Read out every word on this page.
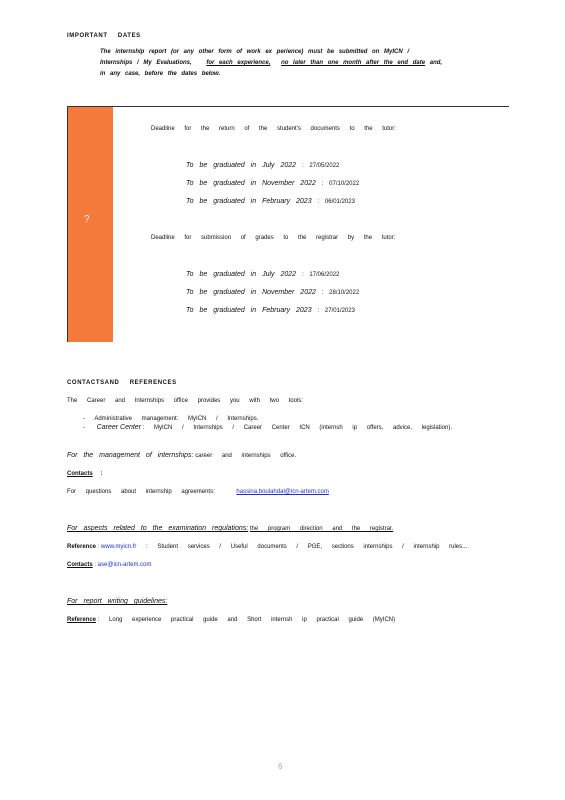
IMPORTANT DATES
The internship report (or any other form of work ex perience) must be submitted on MyICN /
Internships / My Evaluations, for each experience, no later than one month after the end date and,
in any case, before the dates below.
?
Deadline for the return of the student's documents to the tutor:
To be graduated in July 2022 : 27/05/2022
To be graduated in November 2022 : 07/10/2022
To be graduated in February 2023 : 06/01/2023
Deadline for submission of grades to the registrar by the tutor:
To be graduated in July 2022 : 17/06/2022
To be graduated in November 2022 : 28/10/2022
To be graduated in February 2023 : 27/01/2023
CONTACTSAND REFERENCES
The Career and Internships office provides you with two tools:
- Administrative management: MyICN / Internships.
- Career Center : MyICN / Internships / Career Center ICN (internsh ip offers, advice, legislation).
For the management of internships: career and internships office.
Contacts :
For questions about internship agreements:	hassina.boulahdal@icn-artem.com
For aspects related to the examination regulations: the program direction and the registrar.
Reference : www.myicn.fr : Student services / Useful documents / PGE, sections internships / internship rules...
Contacts : ase@icn-artem.com
For report writing guidelines:
Reference : Long experience practical guide and Short internsh ip practical guide (MyICN)
6
